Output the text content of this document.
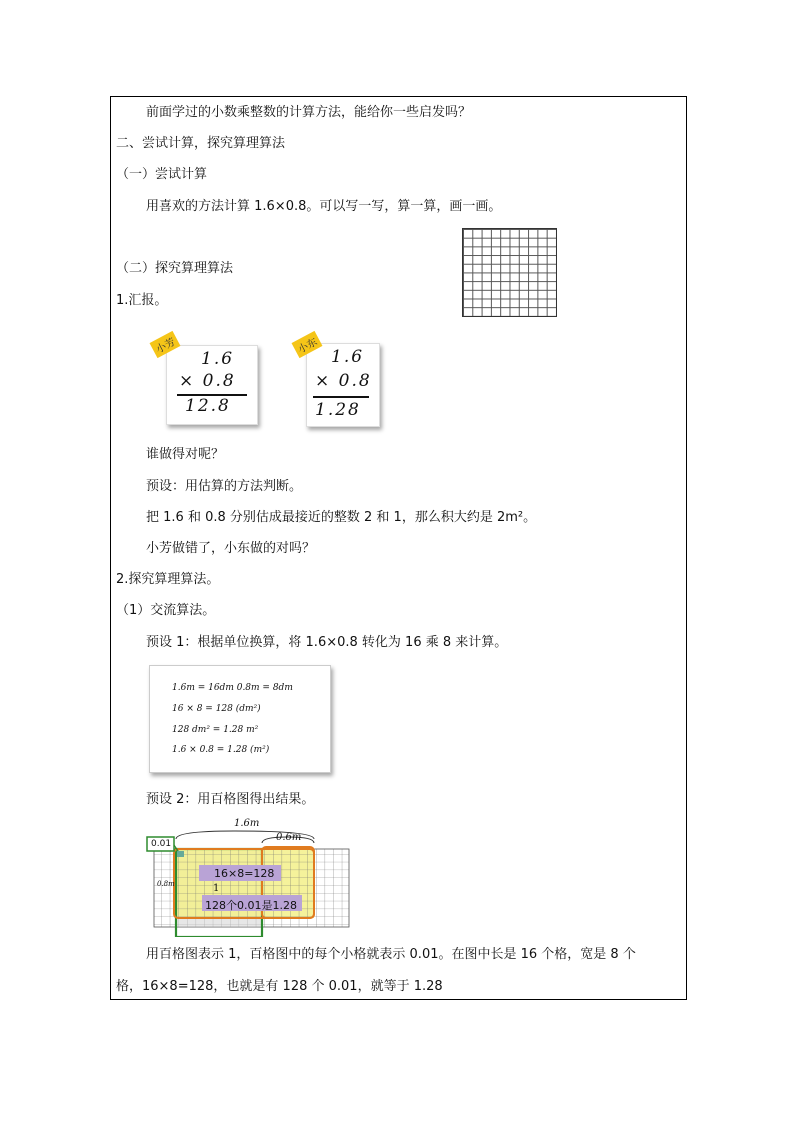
前面学过的小数乘整数的计算方法，能给你一些启发吗？
二、尝试计算，探究算理算法
（一）尝试计算
用喜欢的方法计算 1.6×0.8。可以写一写，算一算，画一画。
（二）探究算理算法
1.汇报。
1.6
× 0.8
12.8
小芳
1.6
× 0.8
1.28
小东
谁做得对呢？
预设：用估算的方法判断。
把 1.6 和 0.8 分别估成最接近的整数 2 和 1，那么积大约是 2m²。
小芳做错了，小东做的对吗？
2.探究算理算法。
（1）交流算法。
预设 1：根据单位换算，将 1.6×0.8 转化为 16 乘 8 来计算。
1.6m = 16dm 0.8m = 8dm
16 × 8 = 128 (dm²)
128 dm² = 1.28 m²
1.6 × 0.8 = 1.28 (m²)
预设 2：用百格图得出结果。
1.6m
0.6m
0.01
0.8m	1
16×8=128
128个0.01是1.28
用百格图表示 1，百格图中的每个小格就表示 0.01。在图中长是 16 个格，宽是 8 个
格，16×8=128，也就是有 128 个 0.01，就等于 1.28
